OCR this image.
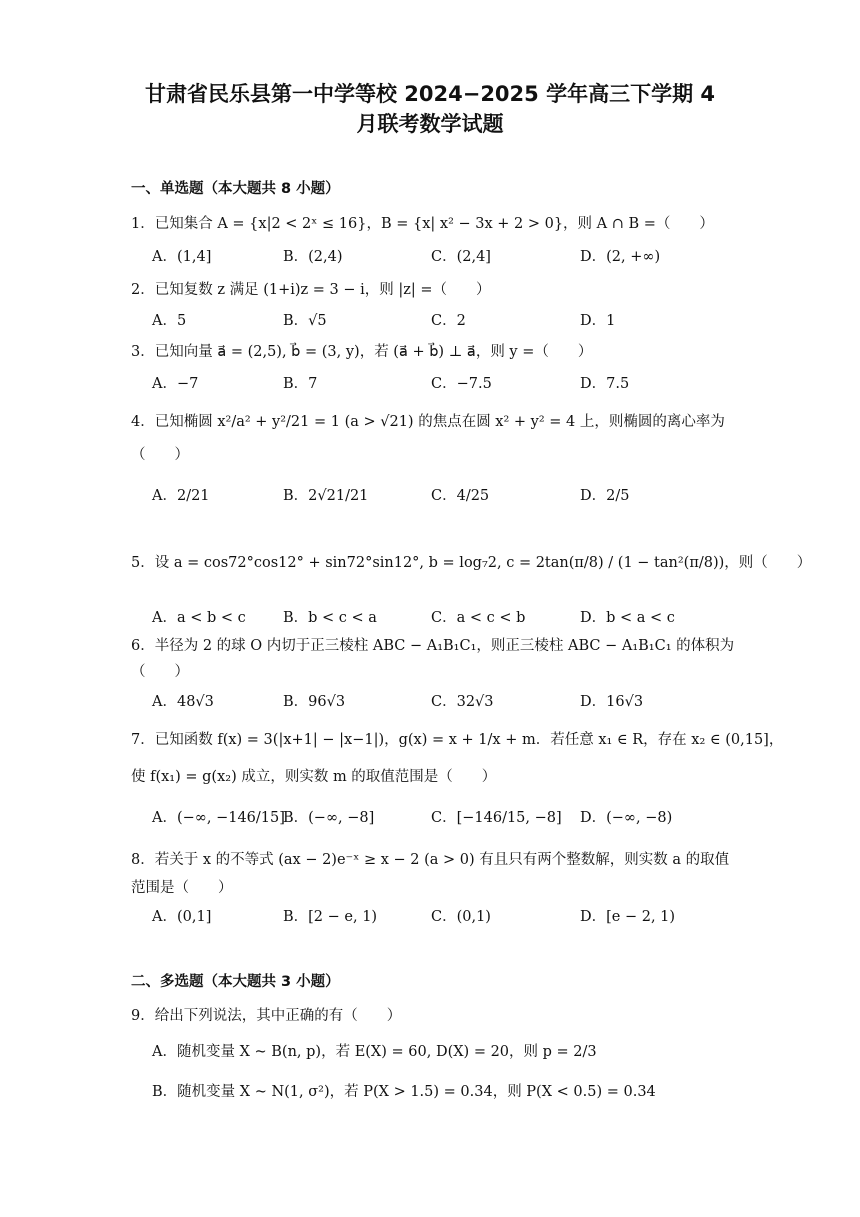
甘肃省民乐县第一中学等校 2024−2025 学年高三下学期 4
月联考数学试题
一、单选题（本大题共 8 小题）
1．已知集合 A = {x|2 < 2ˣ ≤ 16}，B = {x| x² − 3x + 2 > 0}，则 A ∩ B =（　　）
A．(1,4]	B．(2,4)	C．(2,4]	D．(2, +∞)
2．已知复数 z 满足 (1+i)z = 3 − i，则 |z| =（　　）
A．5	B．√5	C．2	D．1
3．已知向量 a⃗ = (2,5), b⃗ = (3, y)，若 (a⃗ + b⃗) ⊥ a⃗，则 y =（　　）
A．−7	B．7	C．−7.5	D．7.5
4．已知椭圆 x²/a² + y²/21 = 1 (a > √21) 的焦点在圆 x² + y² = 4 上，则椭圆的离心率为
（　　）
A．2/21	B．2√21/21	C．4/25	D．2/5
5．设 a = cos72°cos12° + sin72°sin12°, b = log₇2, c = 2tan(π/8) / (1 − tan²(π/8))，则（　　）
A．a < b < c	B．b < c < a	C．a < c < b	D．b < a < c
6．半径为 2 的球 O 内切于正三棱柱 ABC − A₁B₁C₁，则正三棱柱 ABC − A₁B₁C₁ 的体积为
（　　）
A．48√3	B．96√3	C．32√3	D．16√3
7．已知函数 f(x) = 3(|x+1| − |x−1|)，g(x) = x + 1/x + m．若任意 x₁ ∈ R，存在 x₂ ∈ (0,15]，
使 f(x₁) = g(x₂) 成立，则实数 m 的取值范围是（　　）
A．(−∞, −146/15]
B．(−∞, −8]	C．[−146/15, −8] D．(−∞, −8)
8．若关于 x 的不等式 (ax − 2)e⁻ˣ ≥ x − 2 (a > 0) 有且只有两个整数解，则实数 a 的取值
范围是（　　）
A．(0,1]	B．[2 − e, 1)	C．(0,1)	D．[e − 2, 1)
二、多选题（本大题共 3 小题）
9．给出下列说法，其中正确的有（　　）
A．随机变量 X ~ B(n, p)，若 E(X) = 60, D(X) = 20，则 p = 2/3
B．随机变量 X ~ N(1, σ²)，若 P(X > 1.5) = 0.34，则 P(X < 0.5) = 0.34
